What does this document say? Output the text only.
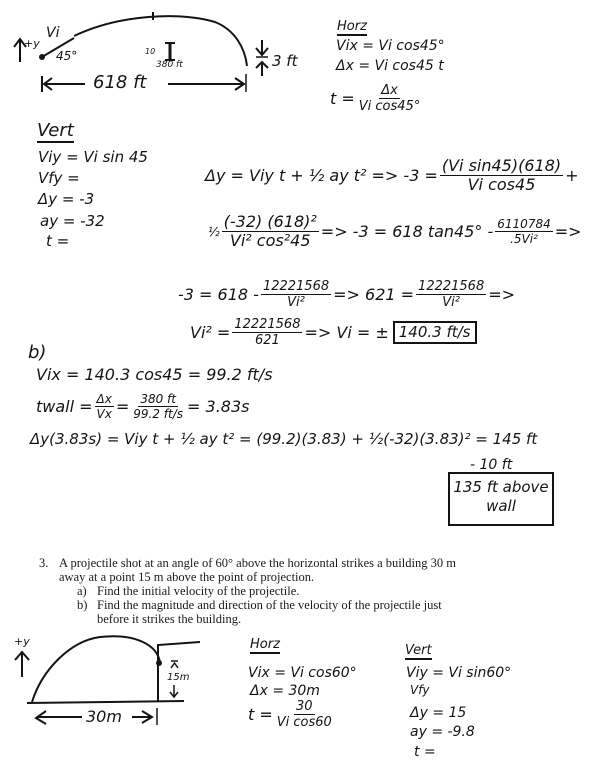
+y
Vi
45°	10
380 ft
618 ft
3 ft
Horz
Vix = Vi cos45°
Δx = Vi cos45 t
$t = \frac{\Delta x}{\text{Vi cos45°}}$
Vert
Viy = Vi sin 45
Vfy =
Δy = -3
ay = -32
t =
Δy = Viy t + ½ ay $t^2 => -3 = \frac{\text{(Vi sin45)(618)}}{\text{Vi cos45}}$ +
½ $\frac{\text{(-32) (618)²}}{\text{Vi² cos²45}} => -3 = 618$ $\tan 45^\circ - \frac{6110784}{\text{.5Vi²}}$ =>
$-3 = 618 - \frac{12221568}{\text{Vi²}} => 621 = \frac{12221568}{\text{Vi²}}$ =>
$Vi^2 = \frac{12221568}{621} => Vi$ = ± 140.3 ft/s
b)
Vix = 140.3 cos45 = 99.2 ft/s
twall = $\frac{\Delta x}{Vx} = \frac{380 ft}{99.2 ft/s} = 3.83s$
Δy(3.83s) = Viy t + ½ ay t² = (99.2)(3.83) + ½(-32)(3.83)² = 145 ft
- 10 ft
135 ft above
wall
3. A projectile shot at an angle of 60° above the horizontal strikes a building 30 m
away at a point 15 m above the point of projection.
a) Find the initial velocity of the projectile.
b) Find the magnitude and direction of the velocity of the projectile just
before it strikes the building.
+y
15m
30m
Horz
Vix = Vi cos60°
Δx = 30m
$t = \frac{30}{\text{Vi cos60}}$
Vert
Viy = Vi sin60°
Vfy
Δy = 15
ay = -9.8
t =
